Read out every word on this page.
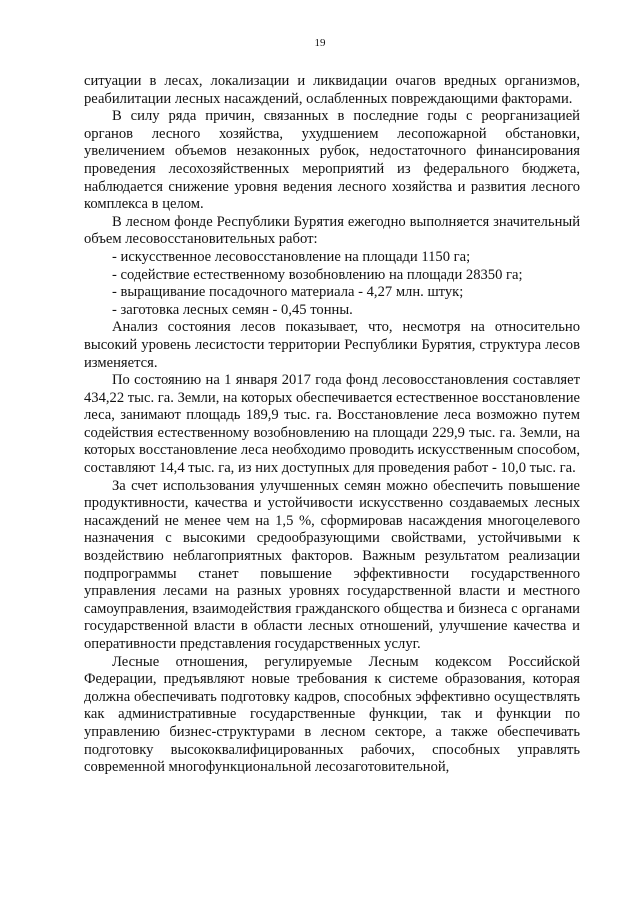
19

ситуации в лесах, локализации и ликвидации очагов вредных организмов, реабилитации лесных насаждений, ослабленных повреждающими факторами.

В силу ряда причин, связанных в последние годы с реорганизацией органов лесного хозяйства, ухудшением лесопожарной обстановки, увеличением объемов незаконных рубок, недостаточного финансирования проведения лесохозяйственных мероприятий из федерального бюджета, наблюдается снижение уровня ведения лесного хозяйства и развития лесного комплекса в целом.

В лесном фонде Республики Бурятия ежегодно выполняется значительный объем лесовосстановительных работ:

- искусственное лесовосстановление на площади 1150 га;
- содействие естественному возобновлению на площади 28350 га;
- выращивание посадочного материала - 4,27 млн. штук;
- заготовка лесных семян - 0,45 тонны.

Анализ состояния лесов показывает, что, несмотря на относительно высокий уровень лесистости территории Республики Бурятия, структура лесов изменяется.

По состоянию на 1 января 2017 года фонд лесовосстановления составляет 434,22 тыс. га. Земли, на которых обеспечивается естественное восстановление леса, занимают площадь 189,9 тыс. га. Восстановление леса возможно путем содействия естественному возобновлению на площади 229,9 тыс. га. Земли, на которых восстановление леса необходимо проводить искусственным способом, составляют 14,4 тыс. га, из них доступных для проведения работ - 10,0 тыс. га.

За счет использования улучшенных семян можно обеспечить повышение продуктивности, качества и устойчивости искусственно создаваемых лесных насаждений не менее чем на 1,5 %, сформировав насаждения многоцелевого назначения с высокими средообразующими свойствами, устойчивыми к воздействию неблагоприятных факторов. Важным результатом реализации подпрограммы станет повышение эффективности государственного управления лесами на разных уровнях государственной власти и местного самоуправления, взаимодействия гражданского общества и бизнеса с органами государственной власти в области лесных отношений, улучшение качества и оперативности представления государственных услуг.

Лесные отношения, регулируемые Лесным кодексом Российской Федерации, предъявляют новые требования к системе образования, которая должна обеспечивать подготовку кадров, способных эффективно осуществлять как административные государственные функции, так и функции по управлению бизнес-структурами в лесном секторе, а также обеспечивать подготовку высококвалифицированных рабочих, способных управлять современной многофункциональной лесозаготовительной,
